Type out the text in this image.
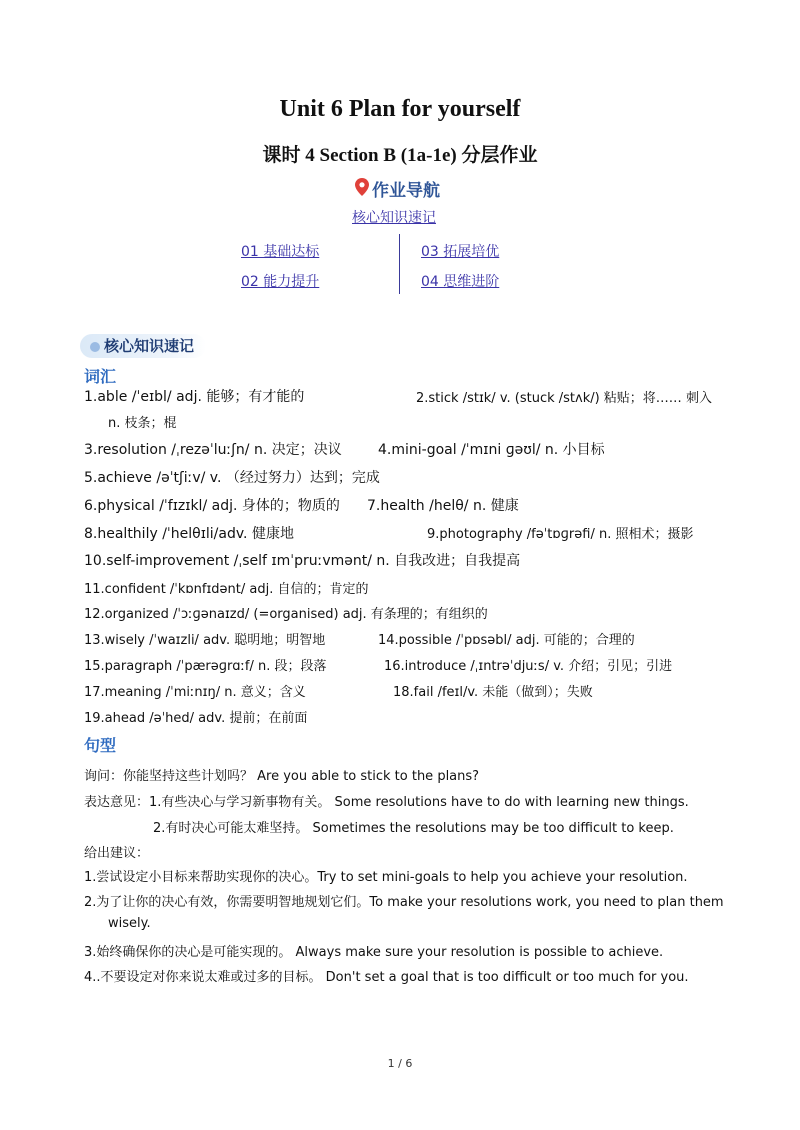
Unit 6 Plan for yourself
课时 4 Section B (1a-1e) 分层作业
作业导航
核心知识速记
01 基础达标	03 拓展培优
02 能力提升	04 思维进阶
核心知识速记
词汇
1.able /ˈeɪbl/ adj. 能够；有才能的	2.stick /stɪk/ v. (stuck /stʌk/) 粘贴；将…… 刺入
n. 枝条；棍
3.resolution /ˌrezəˈluːʃn/ n. 决定；决议	4.mini-goal /ˈmɪni ɡəʊl/ n. 小目标
5.achieve /əˈtʃiːv/ v. （经过努力）达到；完成
6.physical /ˈfɪzɪkl/ adj. 身体的；物质的 7.health /helθ/ n. 健康
8.healthily /ˈhelθɪli/adv. 健康地	9.photography /fəˈtɒɡrəfi/ n. 照相术；摄影
10.self-improvement /ˌself ɪmˈpruːvmənt/ n. 自我改进；自我提高
11.confident /ˈkɒnfɪdənt/ adj. 自信的；肯定的
12.organized /ˈɔːɡənaɪzd/ (=organised) adj. 有条理的；有组织的
13.wisely /ˈwaɪzli/ adv. 聪明地；明智地	14.possible /ˈpɒsəbl/ adj. 可能的；合理的
15.paragraph /ˈpærəɡrɑːf/ n. 段；段落	16.introduce /ˌɪntrəˈdjuːs/ v. 介绍；引见；引进
17.meaning /ˈmiːnɪŋ/ n. 意义；含义	18.fail /feɪl/v. 未能（做到）；失败
19.ahead /əˈhed/ adv. 提前；在前面
句型
询问：你能坚持这些计划吗？ Are you able to stick to the plans?
表达意见：1.有些决心与学习新事物有关。 Some resolutions have to do with learning new things.
2.有时决心可能太难坚持。 Sometimes the resolutions may be too difficult to keep.
给出建议：
1.尝试设定小目标来帮助实现你的决心。Try to set mini-goals to help you achieve your resolution.
2.为了让你的决心有效，你需要明智地规划它们。To make your resolutions work, you need to plan them
wisely.
3.始终确保你的决心是可能实现的。 Always make sure your resolution is possible to achieve.
4..不要设定对你来说太难或过多的目标。 Don't set a goal that is too difficult or too much for you.
1 / 6
